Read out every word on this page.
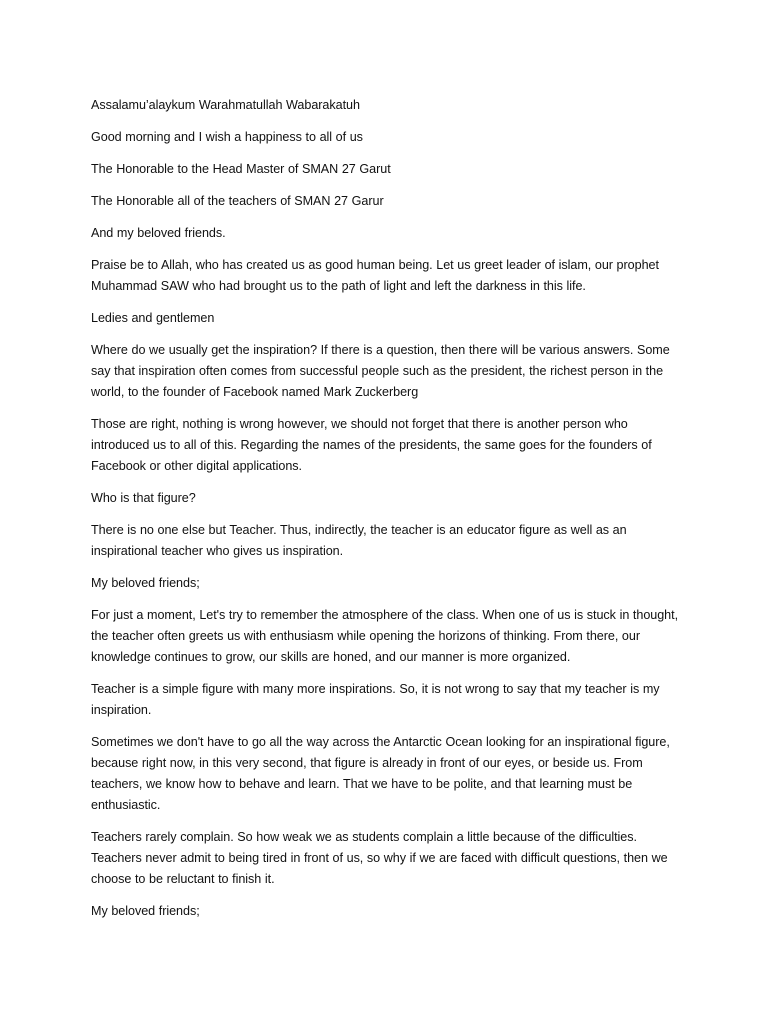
Assalamu’alaykum Warahmatullah Wabarakatuh

Good morning and I wish a happiness to all of us

The Honorable to the Head Master of SMAN 27 Garut

The Honorable all of the teachers of SMAN 27 Garur

And my beloved friends.

Praise be to Allah, who has created us as good human being. Let us greet leader of islam, our prophet Muhammad SAW who had brought us to the path of light and left the darkness in this life.

Ledies and gentlemen

Where do we usually get the inspiration? If there is a question, then there will be various answers. Some say that inspiration often comes from successful people such as the president, the richest person in the world, to the founder of Facebook named Mark Zuckerberg

Those are right, nothing is wrong however, we should not forget that there is another person who introduced us to all of this. Regarding the names of the presidents, the same goes for the founders of Facebook or other digital applications.

Who is that figure?

There is no one else but Teacher. Thus, indirectly, the teacher is an educator figure as well as an inspirational teacher who gives us inspiration.

My beloved friends;

For just a moment, Let's try to remember the atmosphere of the class. When one of us is stuck in thought, the teacher often greets us with enthusiasm while opening the horizons of thinking. From there, our knowledge continues to grow, our skills are honed, and our manner is more organized.

Teacher is a simple figure with many more inspirations. So, it is not wrong to say that my teacher is my inspiration.

Sometimes we don't have to go all the way across the Antarctic Ocean looking for an inspirational figure, because right now, in this very second, that figure is already in front of our eyes, or beside us. From teachers, we know how to behave and learn. That we have to be polite, and that learning must be enthusiastic.

Teachers rarely complain. So how weak we as students complain a little because of the difficulties. Teachers never admit to being tired in front of us, so why if we are faced with difficult questions, then we choose to be reluctant to finish it.

My beloved friends;
